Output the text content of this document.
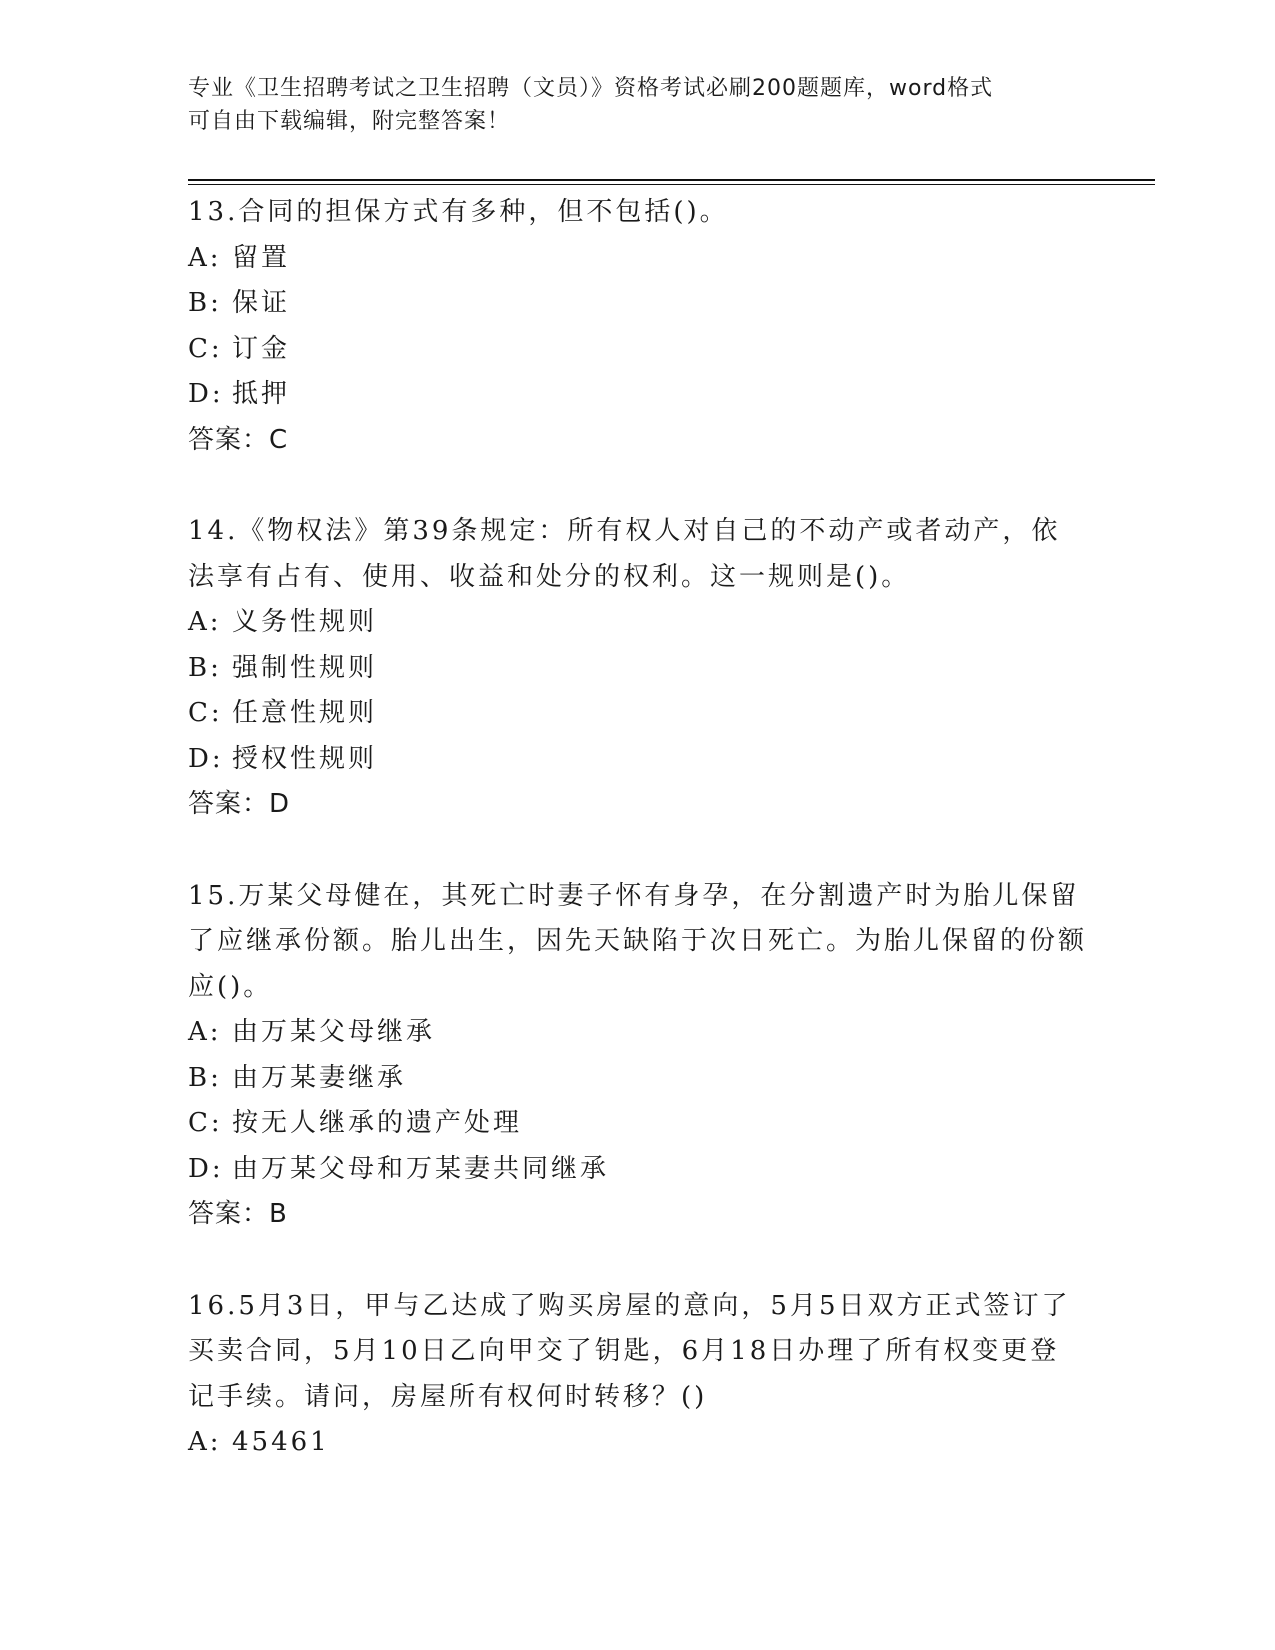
专业《卫生招聘考试之卫生招聘（文员）》资格考试必刷200题题库，word格式
可自由下载编辑，附完整答案！

13.合同的担保方式有多种，但不包括()。

A: 留置

B: 保证

C: 订金

D: 抵押

答案：C

14.《物权法》第39条规定：所有权人对自己的不动产或者动产，依法享有占有、使用、收益和处分的权利。这一规则是()。

A: 义务性规则

B: 强制性规则

C: 任意性规则

D: 授权性规则

答案：D

15.万某父母健在，其死亡时妻子怀有身孕，在分割遗产时为胎儿保留了应继承份额。胎儿出生，因先天缺陷于次日死亡。为胎儿保留的份额应()。

A: 由万某父母继承

B: 由万某妻继承

C: 按无人继承的遗产处理

D: 由万某父母和万某妻共同继承

答案：B

16.5月3日，甲与乙达成了购买房屋的意向，5月5日双方正式签订了买卖合同，5月10日乙向甲交了钥匙，6月18日办理了所有权变更登记手续。请问，房屋所有权何时转移？()

A: 45461
